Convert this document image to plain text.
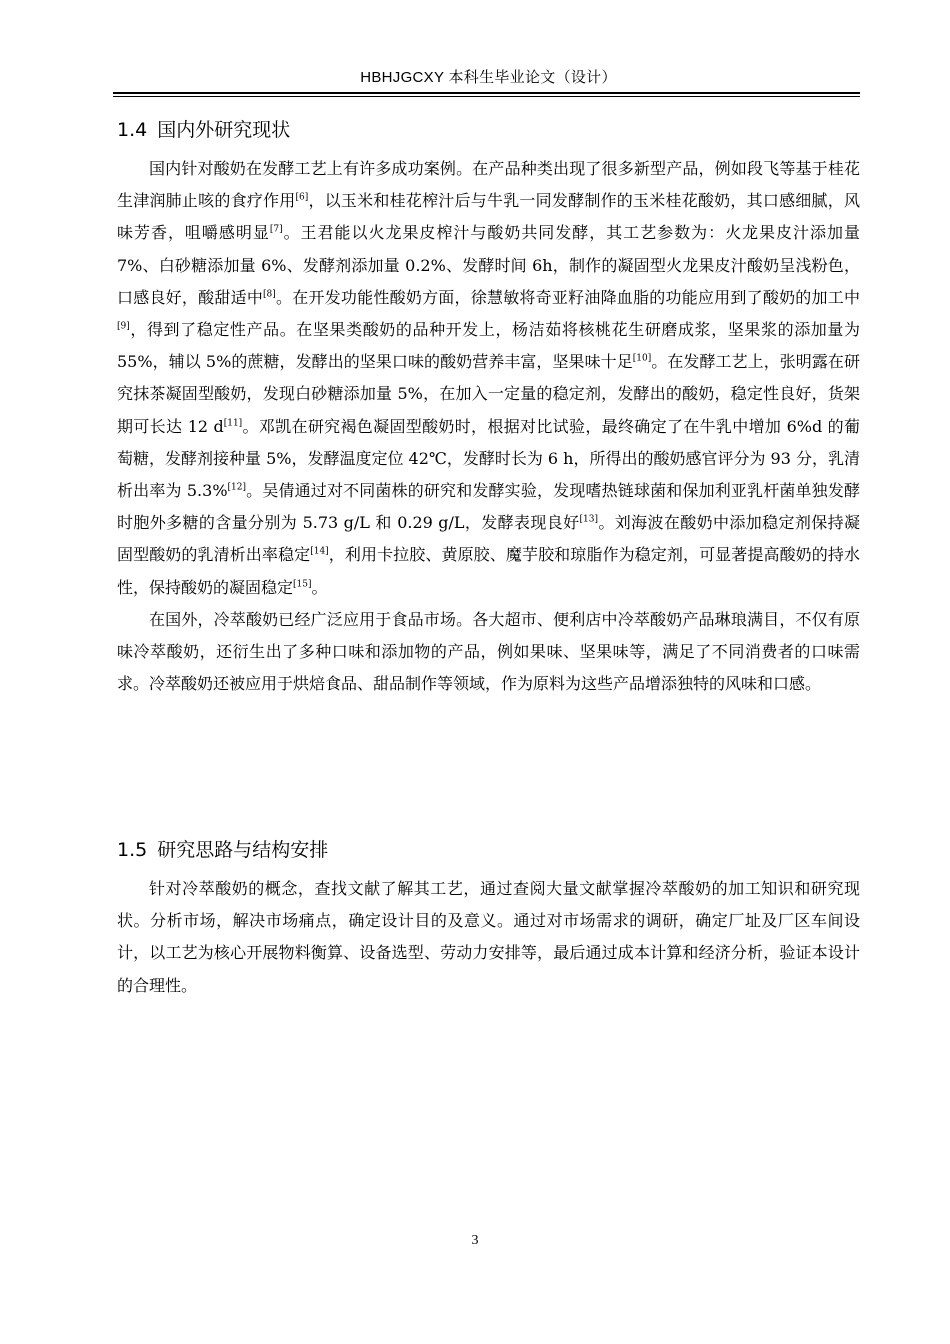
HBHJGCXY 本科生毕业论文（设计）
1.4 国内外研究现状

国内针对酸奶在发酵工艺上有许多成功案例。在产品种类出现了很多新型产品，例如段飞等基于桂花生津润肺止咳的食疗作用[6]，以玉米和桂花榨汁后与牛乳一同发酵制作的玉米桂花酸奶，其口感细腻，风味芳香，咀嚼感明显[7]。王君能以火龙果皮榨汁与酸奶共同发酵，其工艺参数为：火龙果皮汁添加量 7%、白砂糖添加量 6%、发酵剂添加量 0.2%、发酵时间 6h，制作的凝固型火龙果皮汁酸奶呈浅粉色，口感良好，酸甜适中[8]。在开发功能性酸奶方面，徐慧敏将奇亚籽油降血脂的功能应用到了酸奶的加工中[9]，得到了稳定性产品。在坚果类酸奶的品种开发上，杨洁茹将核桃花生研磨成浆，坚果浆的添加量为 55%，辅以 5%的蔗糖，发酵出的坚果口味的酸奶营养丰富，坚果味十足[10]。在发酵工艺上，张明露在研究抹茶凝固型酸奶，发现白砂糖添加量 5%，在加入一定量的稳定剂，发酵出的酸奶，稳定性良好，货架期可长达 12 d[11]。邓凯在研究褐色凝固型酸奶时，根据对比试验，最终确定了在牛乳中增加 6%d 的葡萄糖，发酵剂接种量 5%，发酵温度定位 42℃，发酵时长为 6 h，所得出的酸奶感官评分为 93 分，乳清析出率为 5.3%[12]。吴倩通过对不同菌株的研究和发酵实验，发现嗜热链球菌和保加利亚乳杆菌单独发酵时胞外多糖的含量分别为 5.73 g/L 和 0.29 g/L，发酵表现良好[13]。刘海波在酸奶中添加稳定剂保持凝固型酸奶的乳清析出率稳定[14]，利用卡拉胶、黄原胶、魔芋胶和琼脂作为稳定剂，可显著提高酸奶的持水性，保持酸奶的凝固稳定[15]。

在国外，冷萃酸奶已经广泛应用于食品市场。各大超市、便利店中冷萃酸奶产品琳琅满目，不仅有原味冷萃酸奶，还衍生出了多种口味和添加物的产品，例如果味、坚果味等，满足了不同消费者的口味需求。冷萃酸奶还被应用于烘焙食品、甜品制作等领域，作为原料为这些产品增添独特的风味和口感。

1.5 研究思路与结构安排

针对冷萃酸奶的概念，查找文献了解其工艺，通过查阅大量文献掌握冷萃酸奶的加工知识和研究现状。分析市场，解决市场痛点，确定设计目的及意义。通过对市场需求的调研，确定厂址及厂区车间设计，以工艺为核心开展物料衡算、设备选型、劳动力安排等，最后通过成本计算和经济分析，验证本设计的合理性。

3
